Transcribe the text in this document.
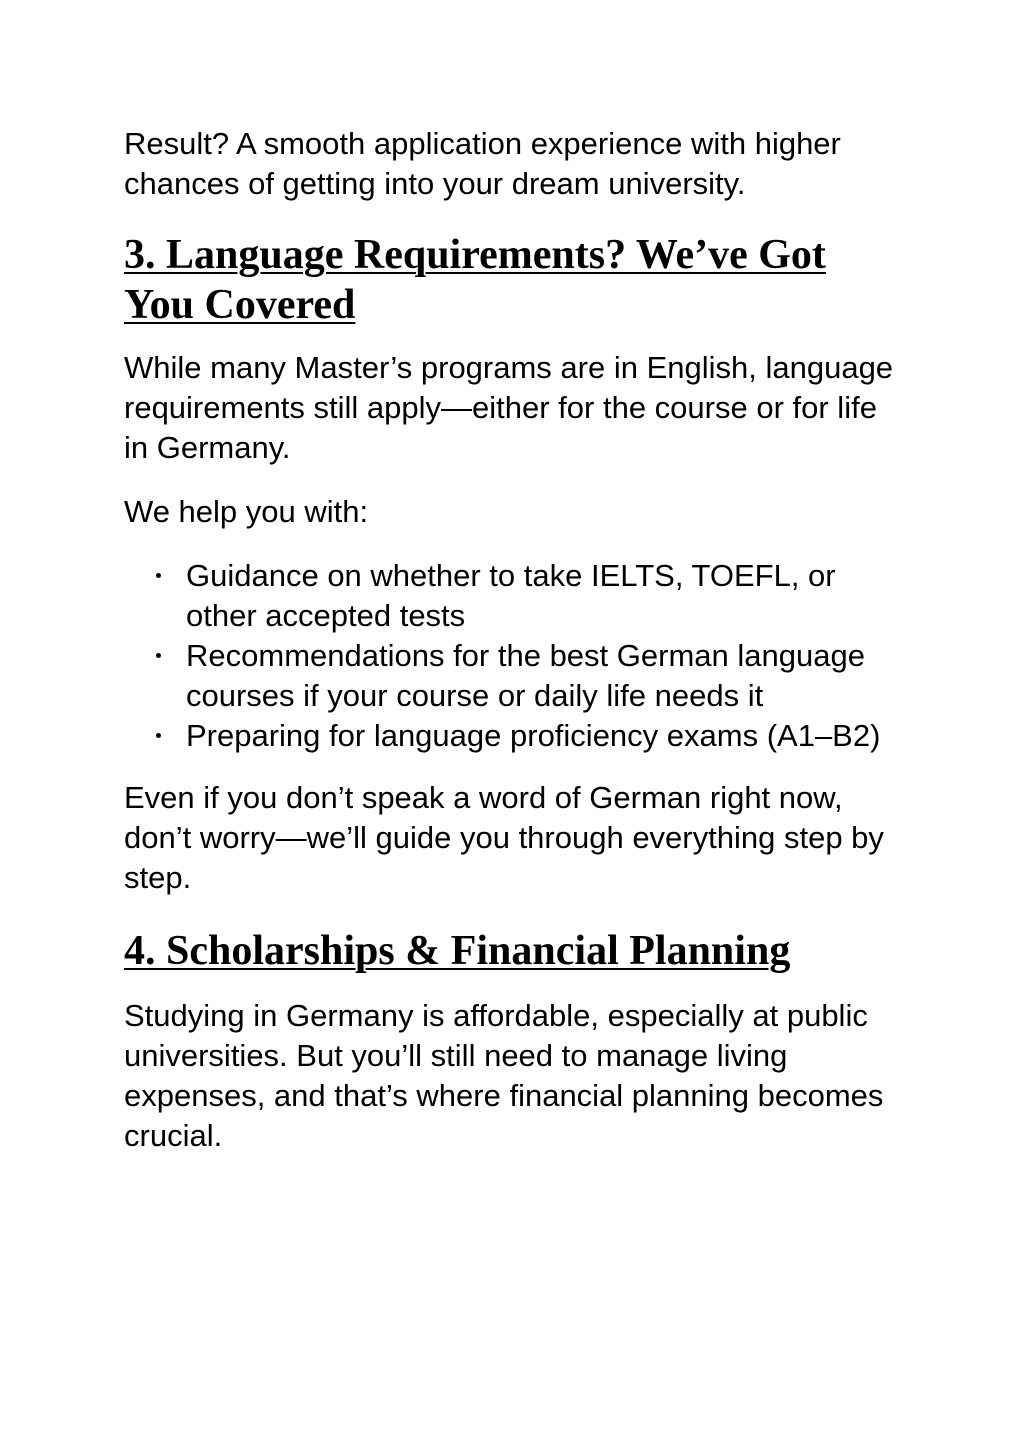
Result? A smooth application experience with higher chances of getting into your dream university.

3. Language Requirements? We’ve Got You Covered

While many Master’s programs are in English, language requirements still apply—either for the course or for life in Germany.

We help you with:

Guidance on whether to take IELTS, TOEFL, or other accepted tests
Recommendations for the best German language courses if your course or daily life needs it
Preparing for language proficiency exams (A1–B2)

Even if you don’t speak a word of German right now, don’t worry—we’ll guide you through everything step by step.

4. Scholarships & Financial Planning

Studying in Germany is affordable, especially at public universities. But you’ll still need to manage living expenses, and that’s where financial planning becomes crucial.
